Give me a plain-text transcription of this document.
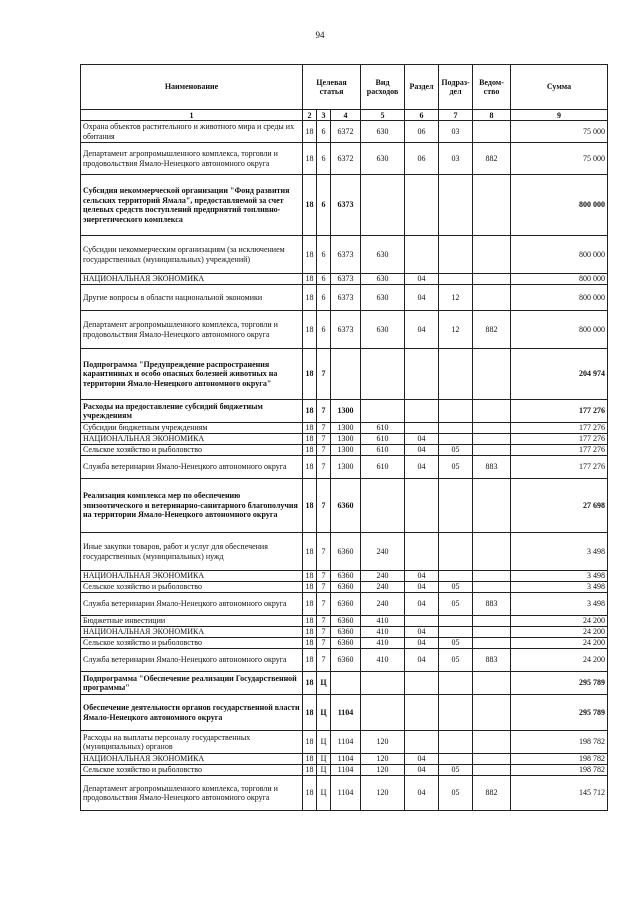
94
Наименование	Целевая статья			Вид расходов	Раздел	Подраз-дел	Ведом-ство	Сумма
1	2	3	4	5	6	7	8	9
Охрана объектов растительного и животного мира и среды их обитания	18	6	6372	630	06	03		75 000
Департамент агропромышленного комплекса, торговли и продовольствия Ямало-Ненецкого автономного округа	18	6	6372	630	06	03	882	75 000
Субсидия некоммерческой организации "Фонд развития сельских территорий Ямала", предоставляемой за счет целевых средств поступлений предприятий топливно-энергетического комплекса	18	6	6373					800 000
Субсидии некоммерческим организациям (за исключением государственных (муниципальных) учреждений)	18	6	6373	630				800 000
НАЦИОНАЛЬНАЯ ЭКОНОМИКА	18	6	6373	630	04			800 000
Другие вопросы в области национальной экономики	18	6	6373	630	04	12		800 000
Департамент агропромышленного комплекса, торговли и продовольствия Ямало-Ненецкого автономного округа	18	6	6373	630	04	12	882	800 000
Подпрограмма "Предупреждение распространения карантинных и особо опасных болезней животных на территории Ямало-Ненецкого автономного округа"	18	7						204 974
Расходы на предоставление субсидий бюджетным учреждениям	18	7	1300					177 276
Субсидии бюджетным учреждениям	18	7	1300	610				177 276
НАЦИОНАЛЬНАЯ ЭКОНОМИКА	18	7	1300	610	04			177 276
Сельское хозяйство и рыболовство	18	7	1300	610	04	05		177 276
Служба ветеринарии Ямало-Ненецкого автономного округа	18	7	1300	610	04	05	883	177 276
Реализация комплекса мер по обеспечению эпизоотического и ветеринарно-санитарного благополучия на территории Ямало-Ненецкого автономного округа	18	7	6360					27 698
Иные закупки товаров, работ и услуг для обеспечения государственных (муниципальных) нужд	18	7	6360	240				3 498
НАЦИОНАЛЬНАЯ ЭКОНОМИКА	18	7	6360	240	04			3 498
Сельское хозяйство и рыболовство	18	7	6360	240	04	05		3 498
Служба ветеринарии Ямало-Ненецкого автономного округа	18	7	6360	240	04	05	883	3 498
Бюджетные инвестиции	18	7	6360	410				24 200
НАЦИОНАЛЬНАЯ ЭКОНОМИКА	18	7	6360	410	04			24 200
Сельское хозяйство и рыболовство	18	7	6360	410	04	05		24 200
Служба ветеринарии Ямало-Ненецкого автономного округа	18	7	6360	410	04	05	883	24 200
Подпрограмма "Обеспечение реализации Государственной программы"	18	Ц						295 789
Обеспечение деятельности органов государственной власти Ямало-Ненецкого автономного округа	18	Ц	1104					295 789
Расходы на выплаты персоналу государственных (муниципальных) органов	18	Ц	1104	120				198 782
НАЦИОНАЛЬНАЯ ЭКОНОМИКА	18	Ц	1104	120	04			198 782
Сельское хозяйство и рыболовство	18	Ц	1104	120	04	05		198 782
Департамент агропромышленного комплекса, торговли и продовольствия Ямало-Ненецкого автономного округа	18	Ц	1104	120	04	05	882	145 712
